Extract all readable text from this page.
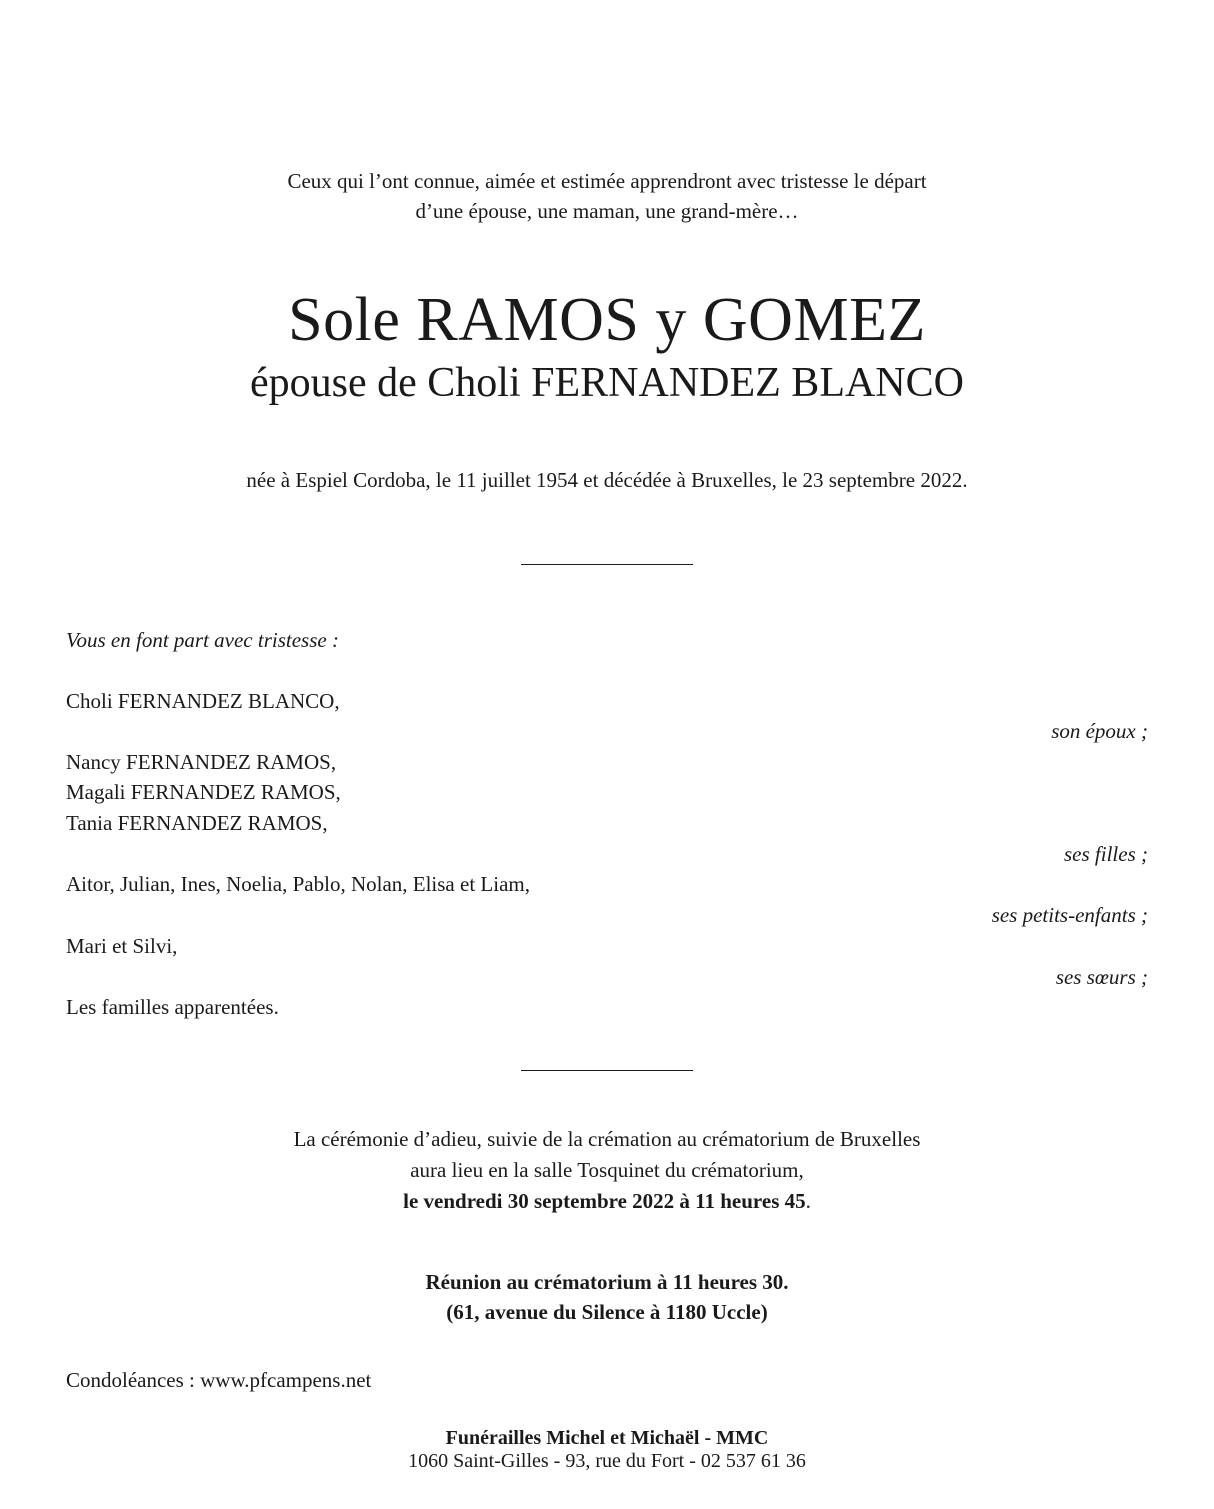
Ceux qui l’ont connue, aimée et estimée apprendront avec tristesse le départ

d’une épouse, une maman, une grand-mère…

Sole RAMOS y GOMEZ
épouse de Choli FERNANDEZ BLANCO

née à Espiel Cordoba, le 11 juillet 1954 et décédée à Bruxelles, le 23 septembre 2022.

Vous en font part avec tristesse :

Choli FERNANDEZ BLANCO,

son époux ;

Nancy FERNANDEZ RAMOS,

Magali FERNANDEZ RAMOS,

Tania FERNANDEZ RAMOS,

ses filles ;

Aitor, Julian, Ines, Noelia, Pablo, Nolan, Elisa et Liam,

ses petits-enfants ;

Mari et Silvi,

ses sœurs ;

Les familles apparentées.

La cérémonie d’adieu, suivie de la crémation au crématorium de Bruxelles

aura lieu en la salle Tosquinet du crématorium,

le vendredi 30 septembre 2022 à 11 heures 45.

Réunion au crématorium à 11 heures 30.

(61, avenue du Silence à 1180 Uccle)

Condoléances : www.pfcampens.net

Funérailles Michel et Michaël - MMC

1060 Saint-Gilles - 93, rue du Fort - 02 537 61 36
